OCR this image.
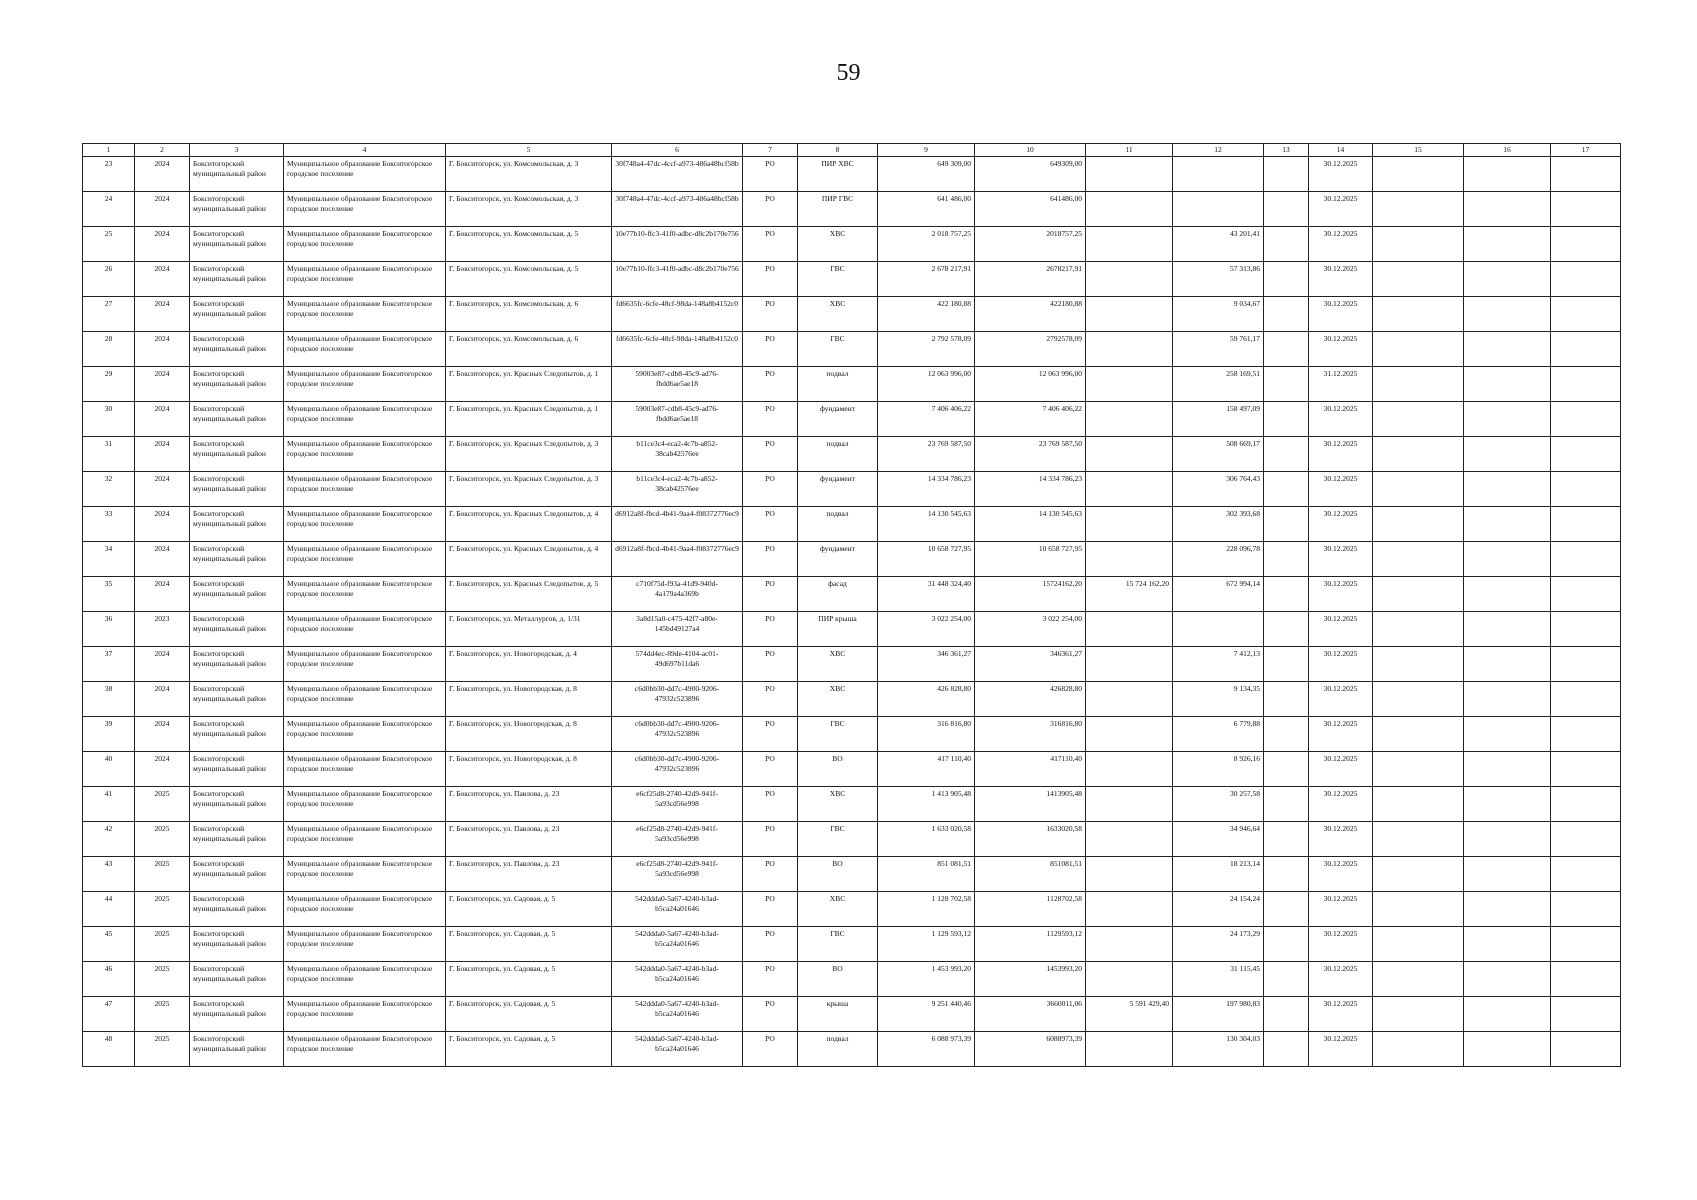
59
1	2	3	4	5	6	7	8	9	10	11	12	13	14	15	16	17
23	2024	Бокситогорский муниципальный район	Муниципальное образование Бокситогорское городское поселение	Г. Бокситогорск, ул. Комсомольская, д. 3	30f748a4-47dc-4ccf-a973-486a48bcf58b	РО	ПИР ХВС	649 309,00	649309,00				30.12.2025			
24	2024	Бокситогорский муниципальный район	Муниципальное образование Бокситогорское городское поселение	Г. Бокситогорск, ул. Комсомольская, д. 3	30f748a4-47dc-4ccf-a973-486a48bcf58b	РО	ПИР ГВС	641 486,00	641486,00				30.12.2025			
25	2024	Бокситогорский муниципальный район	Муниципальное образование Бокситогорское городское поселение	Г. Бокситогорск, ул. Комсомольская, д. 5	10e77b10-ffc3-41f0-adbc-d8c2b170e756	РО	ХВС	2 018 757,25	2018757,25		43 201,41		30.12.2025			
26	2024	Бокситогорский муниципальный район	Муниципальное образование Бокситогорское городское поселение	Г. Бокситогорск, ул. Комсомольская, д. 5	10e77b10-ffc3-41f0-adbc-d8c2b170e756	РО	ГВС	2 678 217,91	2678217,91		57 313,86		30.12.2025			
27	2024	Бокситогорский муниципальный район	Муниципальное образование Бокситогорское городское поселение	Г. Бокситогорск, ул. Комсомольская, д. 6	fd6635fc-6cfe-48cf-98da-148a8b4152c0	РО	ХВС	422 180,88	422180,88		9 034,67		30.12.2025			
28	2024	Бокситогорский муниципальный район	Муниципальное образование Бокситогорское городское поселение	Г. Бокситогорск, ул. Комсомольская, д. 6	fd6635fc-6cfe-48cf-98da-148a8b4152c0	РО	ГВС	2 792 578,09	2792578,09		59 761,17		30.12.2025			
29	2024	Бокситогорский муниципальный район	Муниципальное образование Бокситогорское городское поселение	Г. Бокситогорск, ул. Красных Следопытов, д. 1	59003e87-cdb8-45c9-ad76-fbdd6ae5ae18	РО	подвал	12 063 996,00	12 063 996,00		258 169,51		31.12.2025			
30	2024	Бокситогорский муниципальный район	Муниципальное образование Бокситогорское городское поселение	Г. Бокситогорск, ул. Красных Следопытов, д. 1	59003e87-cdb8-45c9-ad76-fbdd6ae5ae18	РО	фундамент	7 406 406,22	7 406 406,22		158 497,09		30.12.2025			
31	2024	Бокситогорский муниципальный район	Муниципальное образование Бокситогорское городское поселение	Г. Бокситогорск, ул. Красных Следопытов, д. 3	b11ce3c4-eca2-4c7b-a852-38cab42576ee	РО	подвал	23 769 587,50	23 769 587,50		508 669,17		30.12.2025			
32	2024	Бокситогорский муниципальный район	Муниципальное образование Бокситогорское городское поселение	Г. Бокситогорск, ул. Красных Следопытов, д. 3	b11ce3c4-eca2-4c7b-a852-38cab42576ee	РО	фундамент	14 334 786,23	14 334 786,23		306 764,43		30.12.2025			
33	2024	Бокситогорский муниципальный район	Муниципальное образование Бокситогорское городское поселение	Г. Бокситогорск, ул. Красных Следопытов, д. 4	d6912a8f-fbcd-4b41-9aa4-f08372776ec9	РО	подвал	14 130 545,63	14 130 545,63		302 393,68		30.12.2025			
34	2024	Бокситогорский муниципальный район	Муниципальное образование Бокситогорское городское поселение	Г. Бокситогорск, ул. Красных Следопытов, д. 4	d6912a8f-fbcd-4b41-9aa4-f08372776ec9	РО	фундамент	10 658 727,95	10 658 727,95		228 096,78		30.12.2025			
35	2024	Бокситогорский муниципальный район	Муниципальное образование Бокситогорское городское поселение	Г. Бокситогорск, ул. Красных Следопытов, д. 5	c710f75d-f93a-41d9-940d-4a179a4a369b	РО	фасад	31 448 324,40	15724162,20	15 724 162,20	672 994,14		30.12.2025			
36	2023	Бокситогорский муниципальный район	Муниципальное образование Бокситогорское городское поселение	Г. Бокситогорск, ул. Металлургов, д. 1/31	3a8d15a0-c475-42f7-a80e-145bd49127a4	РО	ПИР крыша	3 022 254,00	3 022 254,00				30.12.2025			
37	2024	Бокситогорский муниципальный район	Муниципальное образование Бокситогорское городское поселение	Г. Бокситогорск, ул. Новогородская, д. 4	574dd4ec-89de-4104-ac01-49d697b11da6	РО	ХВС	346 361,27	346361,27		7 412,13		30.12.2025			
38	2024	Бокситогорский муниципальный район	Муниципальное образование Бокситогорское городское поселение	Г. Бокситогорск, ул. Новогородская, д. 8	c6d0bb30-dd7c-4900-9206-47932c523896	РО	ХВС	426 828,80	426828,80		9 134,35		30.12.2025			
39	2024	Бокситогорский муниципальный район	Муниципальное образование Бокситогорское городское поселение	Г. Бокситогорск, ул. Новогородская, д. 8	c6d0bb30-dd7c-4900-9206-47932c523896	РО	ГВС	316 816,80	316816,80		6 779,88		30.12.2025			
40	2024	Бокситогорский муниципальный район	Муниципальное образование Бокситогорское городское поселение	Г. Бокситогорск, ул. Новогородская, д. 8	c6d0bb30-dd7c-4900-9206-47932c523896	РО	ВО	417 110,40	417110,40		8 926,16		30.12.2025			
41	2025	Бокситогорский муниципальный район	Муниципальное образование Бокситогорское городское поселение	Г. Бокситогорск, ул. Павлова, д. 23	e6cf25d8-2740-42d9-941f-5a93cd56e998	РО	ХВС	1 413 905,48	1413905,48		30 257,58		30.12.2025			
42	2025	Бокситогорский муниципальный район	Муниципальное образование Бокситогорское городское поселение	Г. Бокситогорск, ул. Павлова, д. 23	e6cf25d8-2740-42d9-941f-5a93cd56e998	РО	ГВС	1 633 020,58	1633020,58		34 946,64		30.12.2025			
43	2025	Бокситогорский муниципальный район	Муниципальное образование Бокситогорское городское поселение	Г. Бокситогорск, ул. Павлова, д. 23	e6cf25d8-2740-42d9-941f-5a93cd56e998	РО	ВО	851 081,51	851081,51		18 213,14		30.12.2025			
44	2025	Бокситогорский муниципальный район	Муниципальное образование Бокситогорское городское поселение	Г. Бокситогорск, ул. Садовая, д. 5	542ddda0-5a67-4240-b3ad-b5ca24a01646	РО	ХВС	1 128 702,58	1128702,58		24 154,24		30.12.2025			
45	2025	Бокситогорский муниципальный район	Муниципальное образование Бокситогорское городское поселение	Г. Бокситогорск, ул. Садовая, д. 5	542ddda0-5a67-4240-b3ad-b5ca24a01646	РО	ГВС	1 129 593,12	1129593,12		24 173,29		30.12.2025			
46	2025	Бокситогорский муниципальный район	Муниципальное образование Бокситогорское городское поселение	Г. Бокситогорск, ул. Садовая, д. 5	542ddda0-5a67-4240-b3ad-b5ca24a01646	РО	ВО	1 453 993,20	1453993,20		31 115,45		30.12.2025			
47	2025	Бокситогорский муниципальный район	Муниципальное образование Бокситогорское городское поселение	Г. Бокситогорск, ул. Садовая, д. 5	542ddda0-5a67-4240-b3ad-b5ca24a01646	РО	крыша	9 251 440,46	3660011,06	5 591 429,40	197 980,83		30.12.2025			
48	2025	Бокситогорский муниципальный район	Муниципальное образование Бокситогорское городское поселение	Г. Бокситогорск, ул. Садовая, д. 5	542ddda0-5a67-4240-b3ad-b5ca24a01646	РО	подвал	6 088 973,39	6088973,39		130 304,03		30.12.2025			
